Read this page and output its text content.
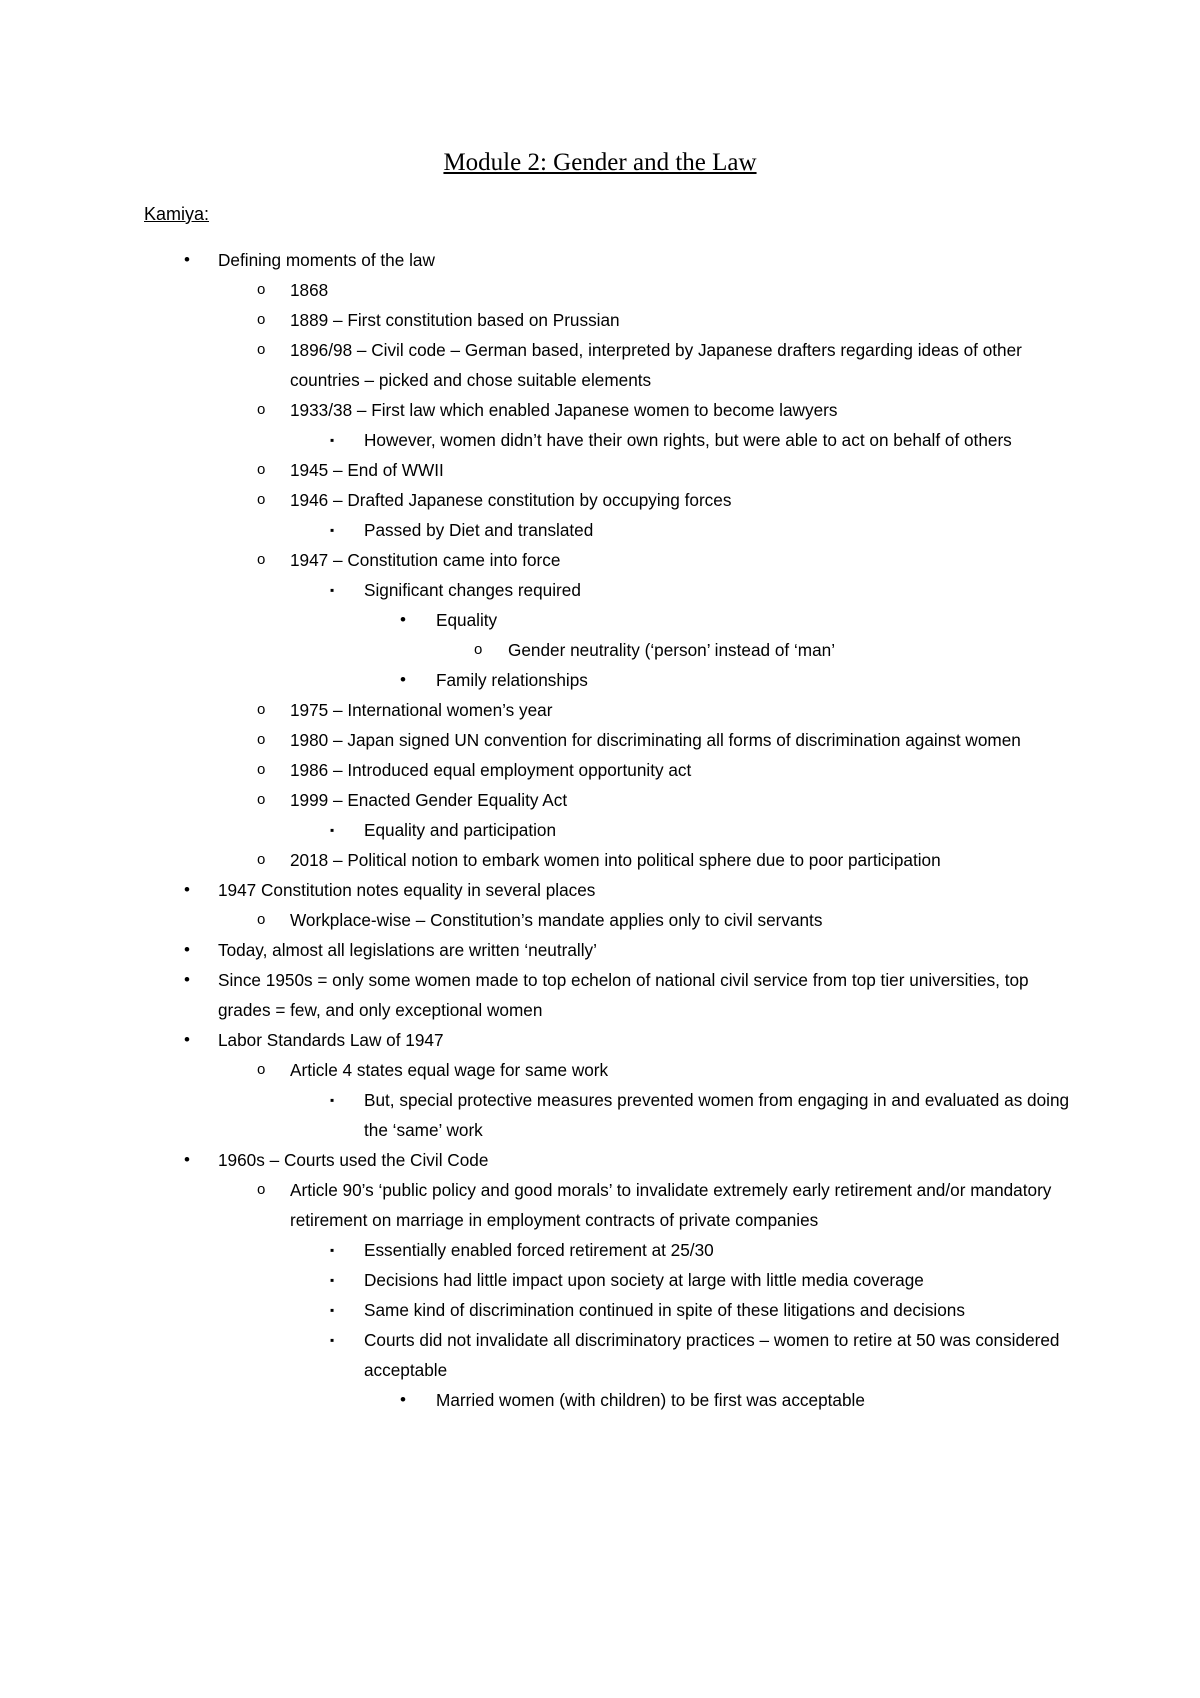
Module 2: Gender and the Law
Kamiya:
• Defining moments of the law
o 1868
o 1889 – First constitution based on Prussian
o 1896/98 – Civil code – German based, interpreted by Japanese drafters regarding ideas of other countries – picked and chose suitable elements
o 1933/38 – First law which enabled Japanese women to become lawyers
▪ However, women didn’t have their own rights, but were able to act on behalf of others
o 1945 – End of WWII
o 1946 – Drafted Japanese constitution by occupying forces
▪ Passed by Diet and translated
o 1947 – Constitution came into force
▪ Significant changes required
• Equality
o Gender neutrality (‘person’ instead of ‘man’
• Family relationships
o 1975 – International women’s year
o 1980 – Japan signed UN convention for discriminating all forms of discrimination against women
o 1986 – Introduced equal employment opportunity act
o 1999 – Enacted Gender Equality Act
▪ Equality and participation
o 2018 – Political notion to embark women into political sphere due to poor participation
• 1947 Constitution notes equality in several places
o Workplace-wise – Constitution’s mandate applies only to civil servants
• Today, almost all legislations are written ‘neutrally’
• Since 1950s = only some women made to top echelon of national civil service from top tier universities, top grades = few, and only exceptional women
• Labor Standards Law of 1947
o Article 4 states equal wage for same work
▪ But, special protective measures prevented women from engaging in and evaluated as doing the ‘same’ work
• 1960s – Courts used the Civil Code
o Article 90’s ‘public policy and good morals’ to invalidate extremely early retirement and/or mandatory retirement on marriage in employment contracts of private companies
▪ Essentially enabled forced retirement at 25/30
▪ Decisions had little impact upon society at large with little media coverage
▪ Same kind of discrimination continued in spite of these litigations and decisions
▪ Courts did not invalidate all discriminatory practices – women to retire at 50 was considered acceptable
• Married women (with children) to be first was acceptable
